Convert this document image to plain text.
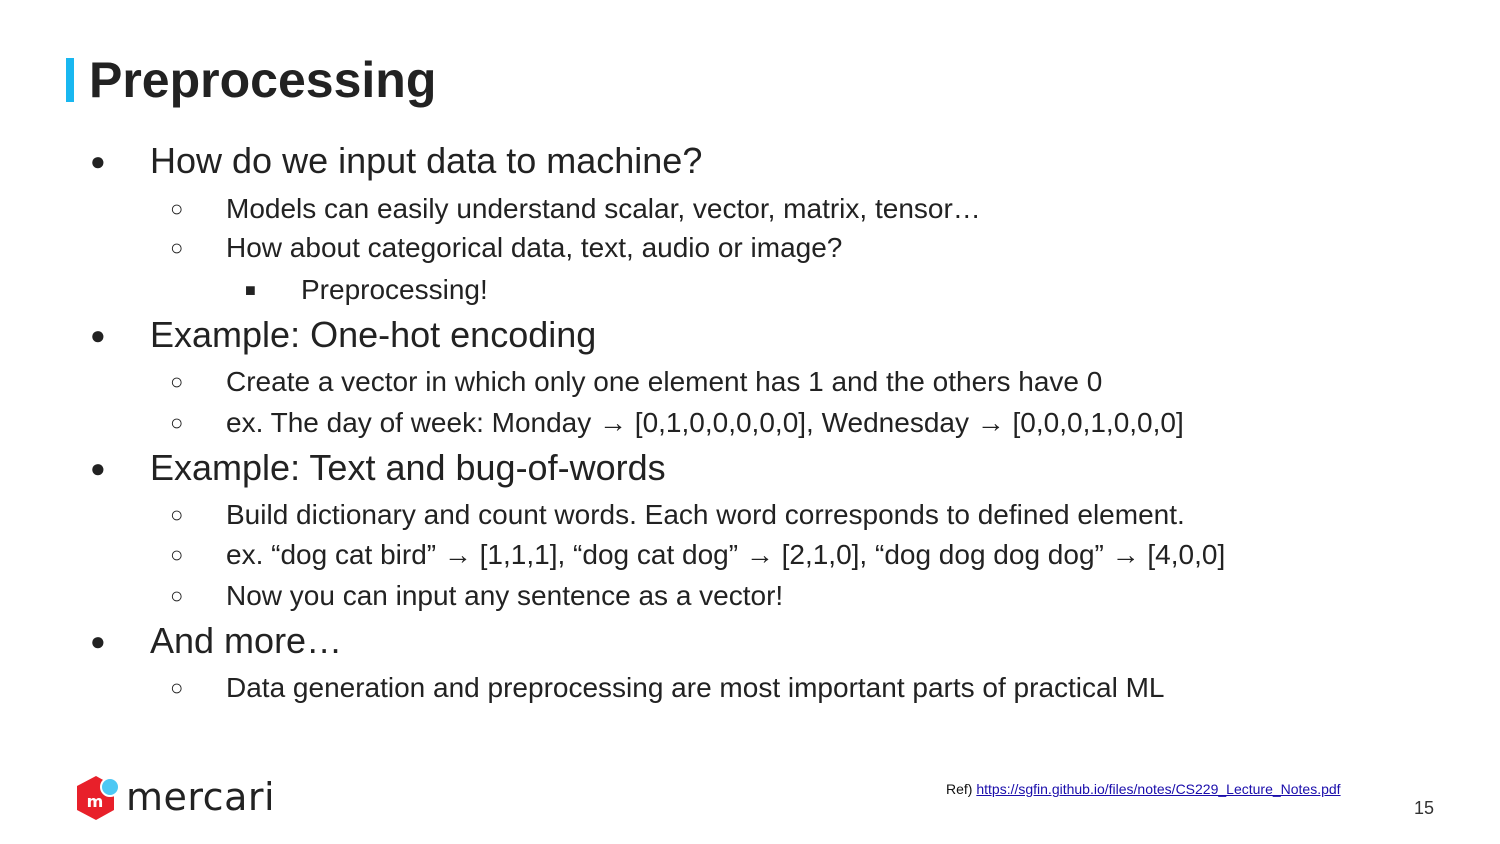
Preprocessing
● How do we input data to machine?
○ Models can easily understand scalar, vector, matrix, tensor…
○ How about categorical data, text, audio or image?
■ Preprocessing!
● Example: One-hot encoding
○ Create a vector in which only one element has 1 and the others have 0
○ ex. The day of week: Monday → [0,1,0,0,0,0,0], Wednesday → [0,0,0,1,0,0,0]
● Example: Text and bug-of-words
○ Build dictionary and count words. Each word corresponds to defined element.
○ ex. “dog cat bird” → [1,1,1], “dog cat dog” → [2,1,0], “dog dog dog dog” → [4,0,0]
○ Now you can input any sentence as a vector!
● And more…
○ Data generation and preprocessing are most important parts of practical ML
m mercari	Ref) https://sgfin.github.io/files/notes/CS229_Lecture_Notes.pdf
15
